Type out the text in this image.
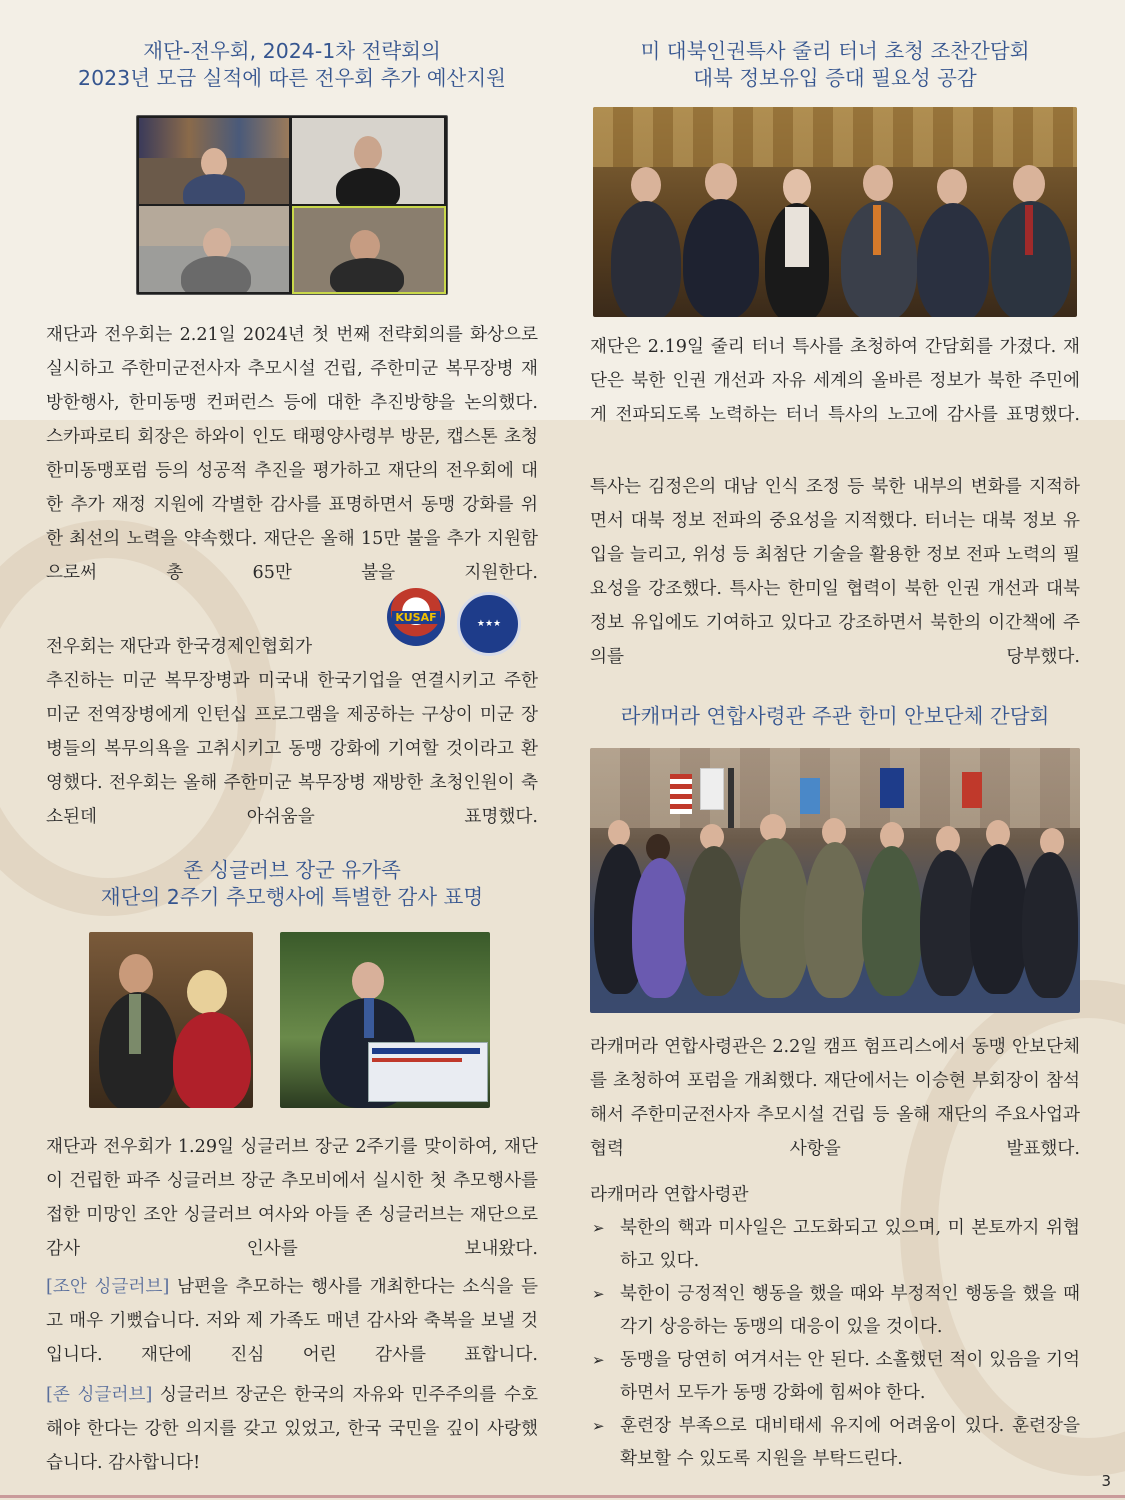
재단-전우회, 2024-1차 전략회의
2023년 모금 실적에 따른 전우회 추가 예산지원

재단과 전우회는 2.21일 2024년 첫 번째 전략회의를 화상으로 실시하고 주한미군전사자 추모시설 건립, 주한미군 복무장병 재방한행사, 한미동맹 컨퍼런스 등에 대한 추진방향을 논의했다. 스카파로티 회장은 하와이 인도 태평양사령부 방문, 캡스톤 초청 한미동맹포럼 등의 성공적 추진을 평가하고 재단의 전우회에 대한 추가 재정 지원에 각별한 감사를 표명하면서 동맹 강화를 위한 최선의 노력을 약속했다. 재단은 올해 15만 불을 추가 지원함으로써 총 65만 불을 지원한다.

KUSAF
★★★

전우회는 재단과 한국경제인협회가

추진하는 미군 복무장병과 미국내 한국기업을 연결시키고 주한미군 전역장병에게 인턴십 프로그램을 제공하는 구상이 미군 장병들의 복무의욕을 고취시키고 동맹 강화에 기여할 것이라고 환영했다. 전우회는 올해 주한미군 복무장병 재방한 초청인원이 축소된데 아쉬움을 표명했다.

존 싱글러브 장군 유가족
재단의 2주기 추모행사에 특별한 감사 표명

재단과 전우회가 1.29일 싱글러브 장군 2주기를 맞이하여, 재단이 건립한 파주 싱글러브 장군 추모비에서 실시한 첫 추모행사를 접한 미망인 조안 싱글러브 여사와 아들 존 싱글러브는 재단으로 감사 인사를 보내왔다.

[조안 싱글러브] 남편을 추모하는 행사를 개최한다는 소식을 듣고 매우 기뻤습니다. 저와 제 가족도 매년 감사와 축복을 보낼 것입니다. 재단에 진심 어린 감사를 표합니다.

[존 싱글러브] 싱글러브 장군은 한국의 자유와 민주주의를 수호해야 한다는 강한 의지를 갖고 있었고, 한국 국민을 깊이 사랑했습니다. 감사합니다!

미 대북인권특사 줄리 터너 초청 조찬간담회
대북 정보유입 증대 필요성 공감

재단은 2.19일 줄리 터너 특사를 초청하여 간담회를 가졌다. 재단은 북한 인권 개선과 자유 세계의 올바른 정보가 북한 주민에게 전파되도록 노력하는 터너 특사의 노고에 감사를 표명했다.

특사는 김정은의 대남 인식 조정 등 북한 내부의 변화를 지적하면서 대북 정보 전파의 중요성을 지적했다. 터너는 대북 정보 유입을 늘리고, 위성 등 최첨단 기술을 활용한 정보 전파 노력의 필요성을 강조했다. 특사는 한미일 협력이 북한 인권 개선과 대북 정보 유입에도 기여하고 있다고 강조하면서 북한의 이간책에 주의를 당부했다.

라캐머라 연합사령관 주관 한미 안보단체 간담회

라캐머라 연합사령관은 2.2일 캠프 험프리스에서 동맹 안보단체를 초청하여 포럼을 개최했다. 재단에서는 이승현 부회장이 참석해서 주한미군전사자 추모시설 건립 등 올해 재단의 주요사업과 협력 사항을 발표했다.

라캐머라 연합사령관

➢ 북한의 핵과 미사일은 고도화되고 있으며, 미 본토까지 위협하고 있다.
➢ 북한이 긍정적인 행동을 했을 때와 부정적인 행동을 했을 때 각기 상응하는 동맹의 대응이 있을 것이다.
➢ 동맹을 당연히 여겨서는 안 된다. 소홀했던 적이 있음을 기억하면서 모두가 동맹 강화에 힘써야 한다.
➢ 훈련장 부족으로 대비태세 유지에 어려움이 있다. 훈련장을 확보할 수 있도록 지원을 부탁드린다.
3
